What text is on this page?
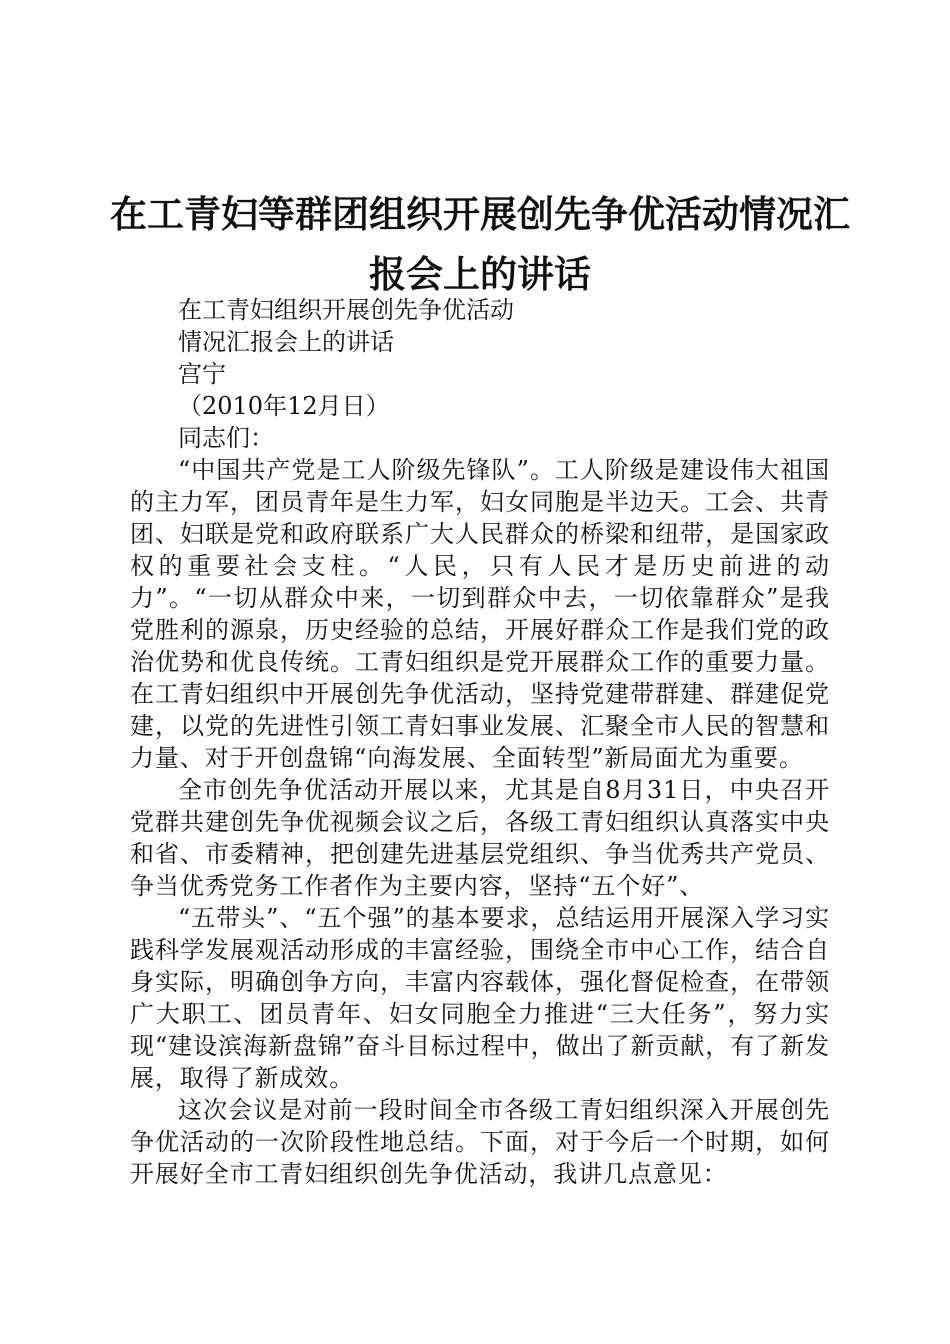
在工青妇等群团组织开展创先争优活动情况汇报会上的讲话

在工青妇组织开展创先争优活动

情况汇报会上的讲话

宫宁

（2010年12月日）

同志们：

“中国共产党是工人阶级先锋队”。工人阶级是建设伟大祖国的主力军，团员青年是生力军，妇女同胞是半边天。工会、共青团、妇联是党和政府联系广大人民群众的桥梁和纽带，是国家政权的重要社会支柱。“人民，只有人民才是历史前进的动力”。“一切从群众中来，一切到群众中去，一切依靠群众”是我党胜利的源泉，历史经验的总结，开展好群众工作是我们党的政治优势和优良传统。工青妇组织是党开展群众工作的重要力量。在工青妇组织中开展创先争优活动，坚持党建带群建、群建促党建，以党的先进性引领工青妇事业发展、汇聚全市人民的智慧和力量、对于开创盘锦“向海发展、全面转型”新局面尤为重要。

全市创先争优活动开展以来，尤其是自8月31日，中央召开党群共建创先争优视频会议之后，各级工青妇组织认真落实中央和省、市委精神，把创建先进基层党组织、争当优秀共产党员、争当优秀党务工作者作为主要内容，坚持“五个好”、

“五带头”、“五个强”的基本要求，总结运用开展深入学习实践科学发展观活动形成的丰富经验，围绕全市中心工作，结合自身实际，明确创争方向，丰富内容载体，强化督促检查，在带领广大职工、团员青年、妇女同胞全力推进“三大任务”，努力实现“建设滨海新盘锦”奋斗目标过程中，做出了新贡献，有了新发展，取得了新成效。

这次会议是对前一段时间全市各级工青妇组织深入开展创先争优活动的一次阶段性地总结。下面，对于今后一个时期，如何开展好全市工青妇组织创先争优活动，我讲几点意见：
